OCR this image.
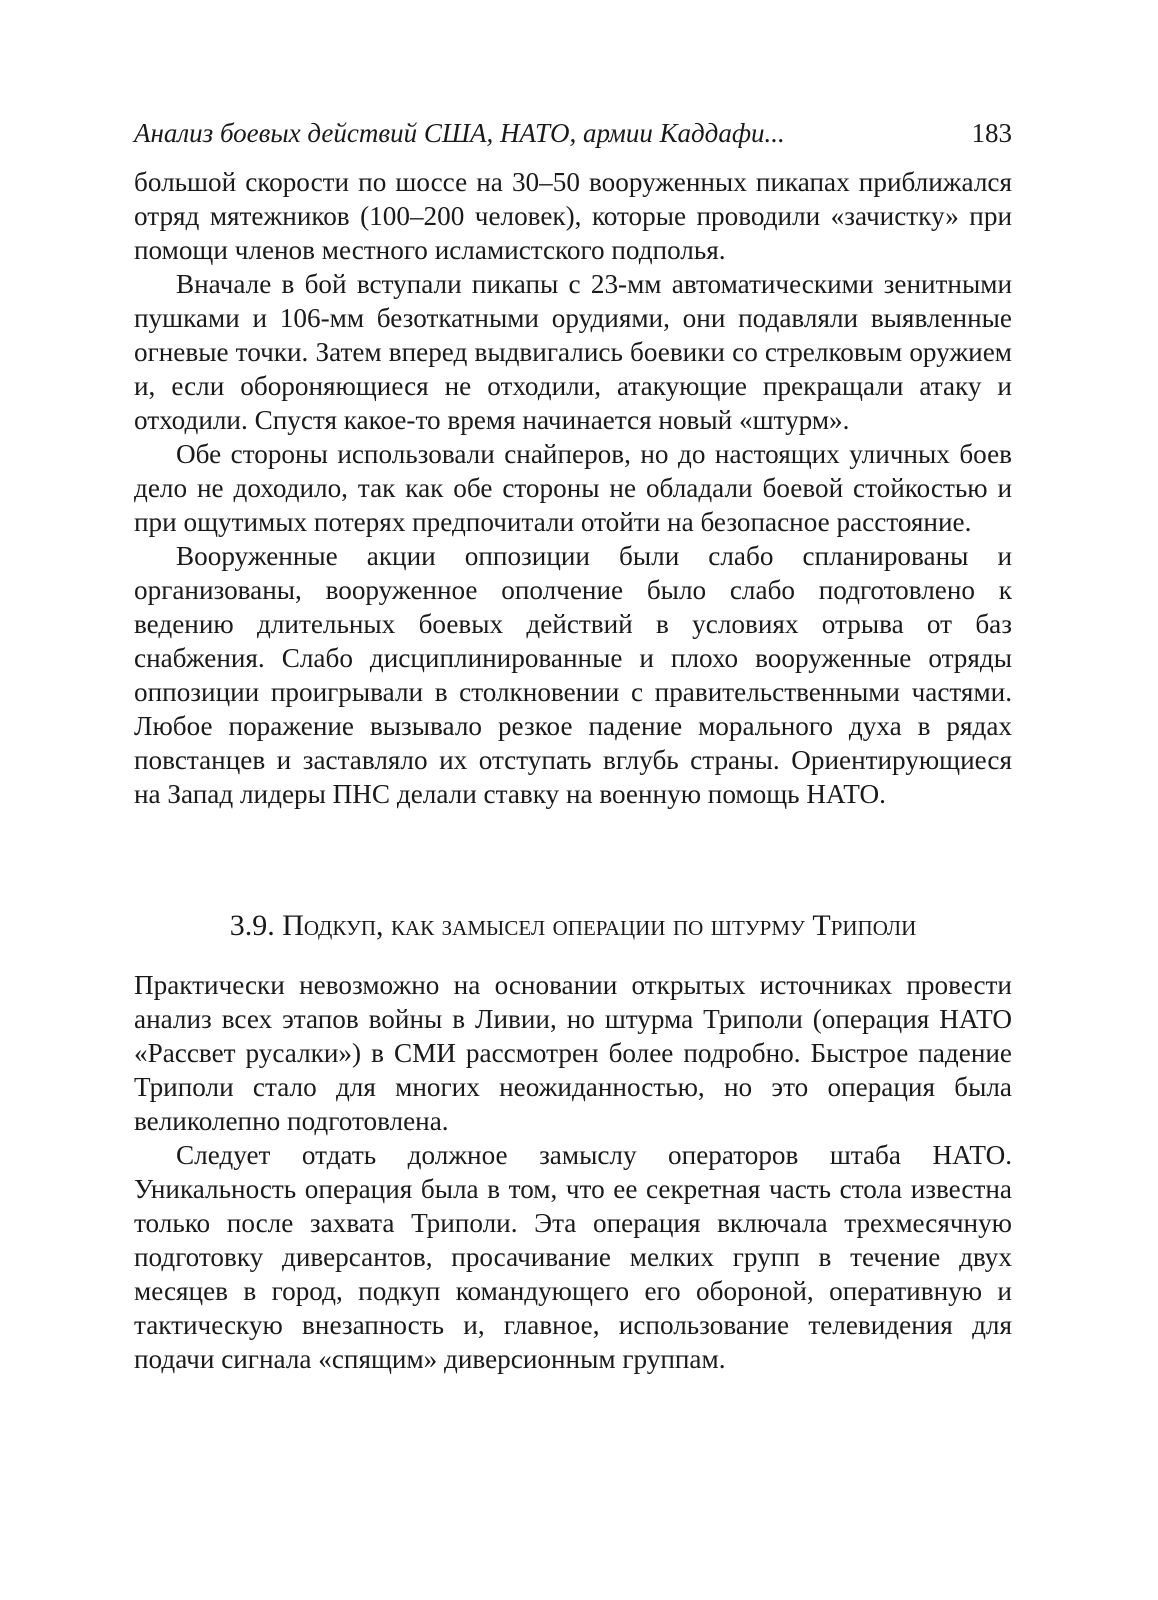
Анализ боевых действий США, НАТО, армии Каддафи...	183

большой скорости по шоссе на 30–50 вооруженных пикапах приближался отряд мятежников (100–200 человек), которые проводили «зачистку» при помощи членов местного исламистского подполья.

Вначале в бой вступали пикапы с 23-мм автоматическими зенитными пушками и 106-мм безоткатными орудиями, они подавляли выявленные огневые точки. Затем вперед выдвигались боевики со стрелковым оружием и, если обороняющиеся не отходили, атакующие прекращали атаку и отходили. Спустя какое-то время начинается новый «штурм».

Обе стороны использовали снайперов, но до настоящих уличных боев дело не доходило, так как обе стороны не обладали боевой стойкостью и при ощутимых потерях предпочитали отойти на безопасное расстояние.

Вооруженные акции оппозиции были слабо спланированы и организованы, вооруженное ополчение было слабо подготовлено к ведению длительных боевых действий в условиях отрыва от баз снабжения. Слабо дисциплинированные и плохо вооруженные отряды оппозиции проигрывали в столкновении с правительственными частями. Любое поражение вызывало резкое падение морального духа в рядах повстанцев и заставляло их отступать вглубь страны. Ориентирующиеся на Запад лидеры ПНС делали ставку на военную помощь НАТО.

3.9. Подкуп, как замысел операции по штурму Триполи

Практически невозможно на основании открытых источниках провести анализ всех этапов войны в Ливии, но штурма Триполи (операция НАТО «Рассвет русалки») в СМИ рассмотрен более подробно. Быстрое падение Триполи стало для многих неожиданностью, но это операция была великолепно подготовлена.

Следует отдать должное замыслу операторов штаба НАТО. Уникальность операция была в том, что ее секретная часть стола известна только после захвата Триполи. Эта операция включала трехмесячную подготовку диверсантов, просачивание мелких групп в течение двух месяцев в город, подкуп командующего его обороной, оперативную и тактическую внезапность и, главное, использование телевидения для подачи сигнала «спящим» диверсионным группам.
